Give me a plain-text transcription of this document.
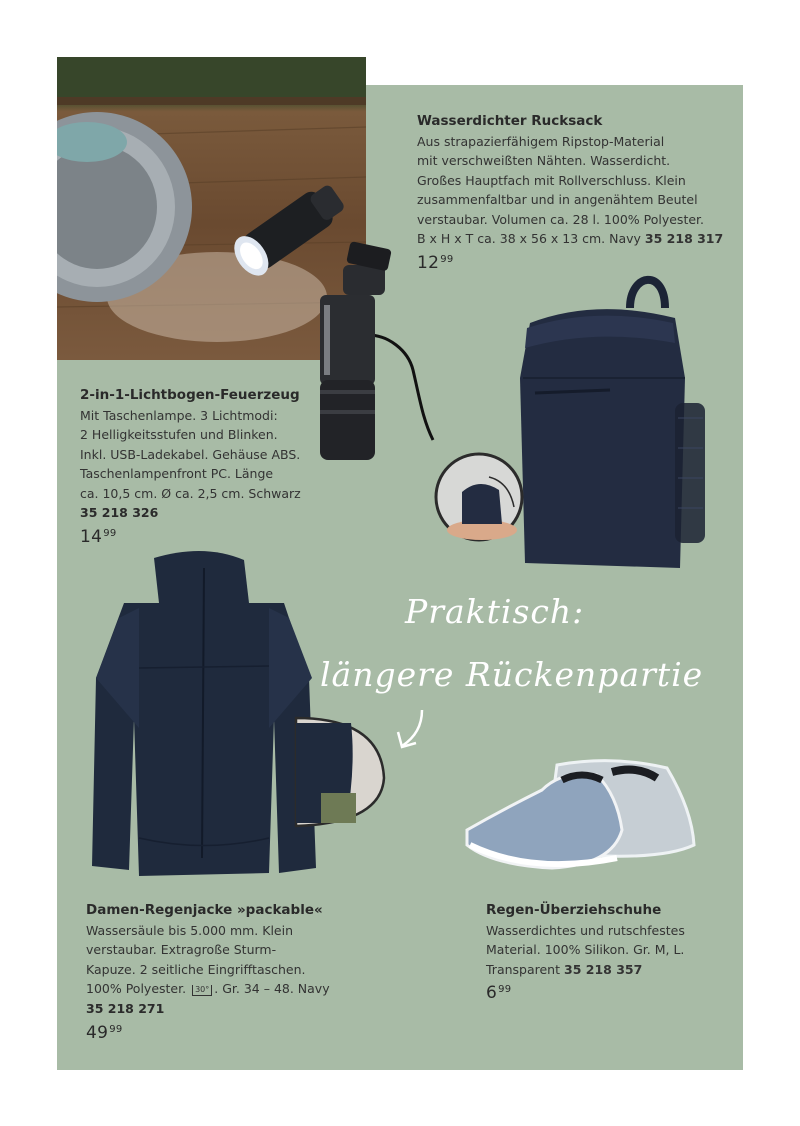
Wasserdichter Rucksack
Aus strapazierfähigem Ripstop-Material
mit verschweißten Nähten. Wasserdicht.
Großes Hauptfach mit Rollverschluss. Klein
zusammenfaltbar und in angenähtem Beutel
verstaubar. Volumen ca. 28 l. 100% Polyester.
B x H x T ca. 38 x 56 x 13 cm. Navy 35 218 317
$12^{99}$
2-in-1-Lichtbogen-Feuerzeug
Mit Taschenlampe. 3 Lichtmodi:
2 Helligkeitsstufen und Blinken.
Inkl. USB-Ladekabel. Gehäuse ABS.
Taschenlampenfront PC. Länge
ca. 10,5 cm. Ø ca. 2,5 cm. Schwarz
35 218 326
$14^{99}$
Praktisch:
längere Rückenpartie
Damen-Regenjacke »packable«
Wassersäule bis 5.000 mm. Klein
verstaubar. Extragroße Sturm-
Kapuze. 2 seitliche Eingrifftaschen.
100% Polyester. 30° . Gr. 34 – 48. Navy
35 218 271
$49^{99}$
Regen-Überziehschuhe
Wasserdichtes und rutschfestes
Material. 100% Silikon. Gr. M, L.
Transparent 35 218 357
$6^{99}$
